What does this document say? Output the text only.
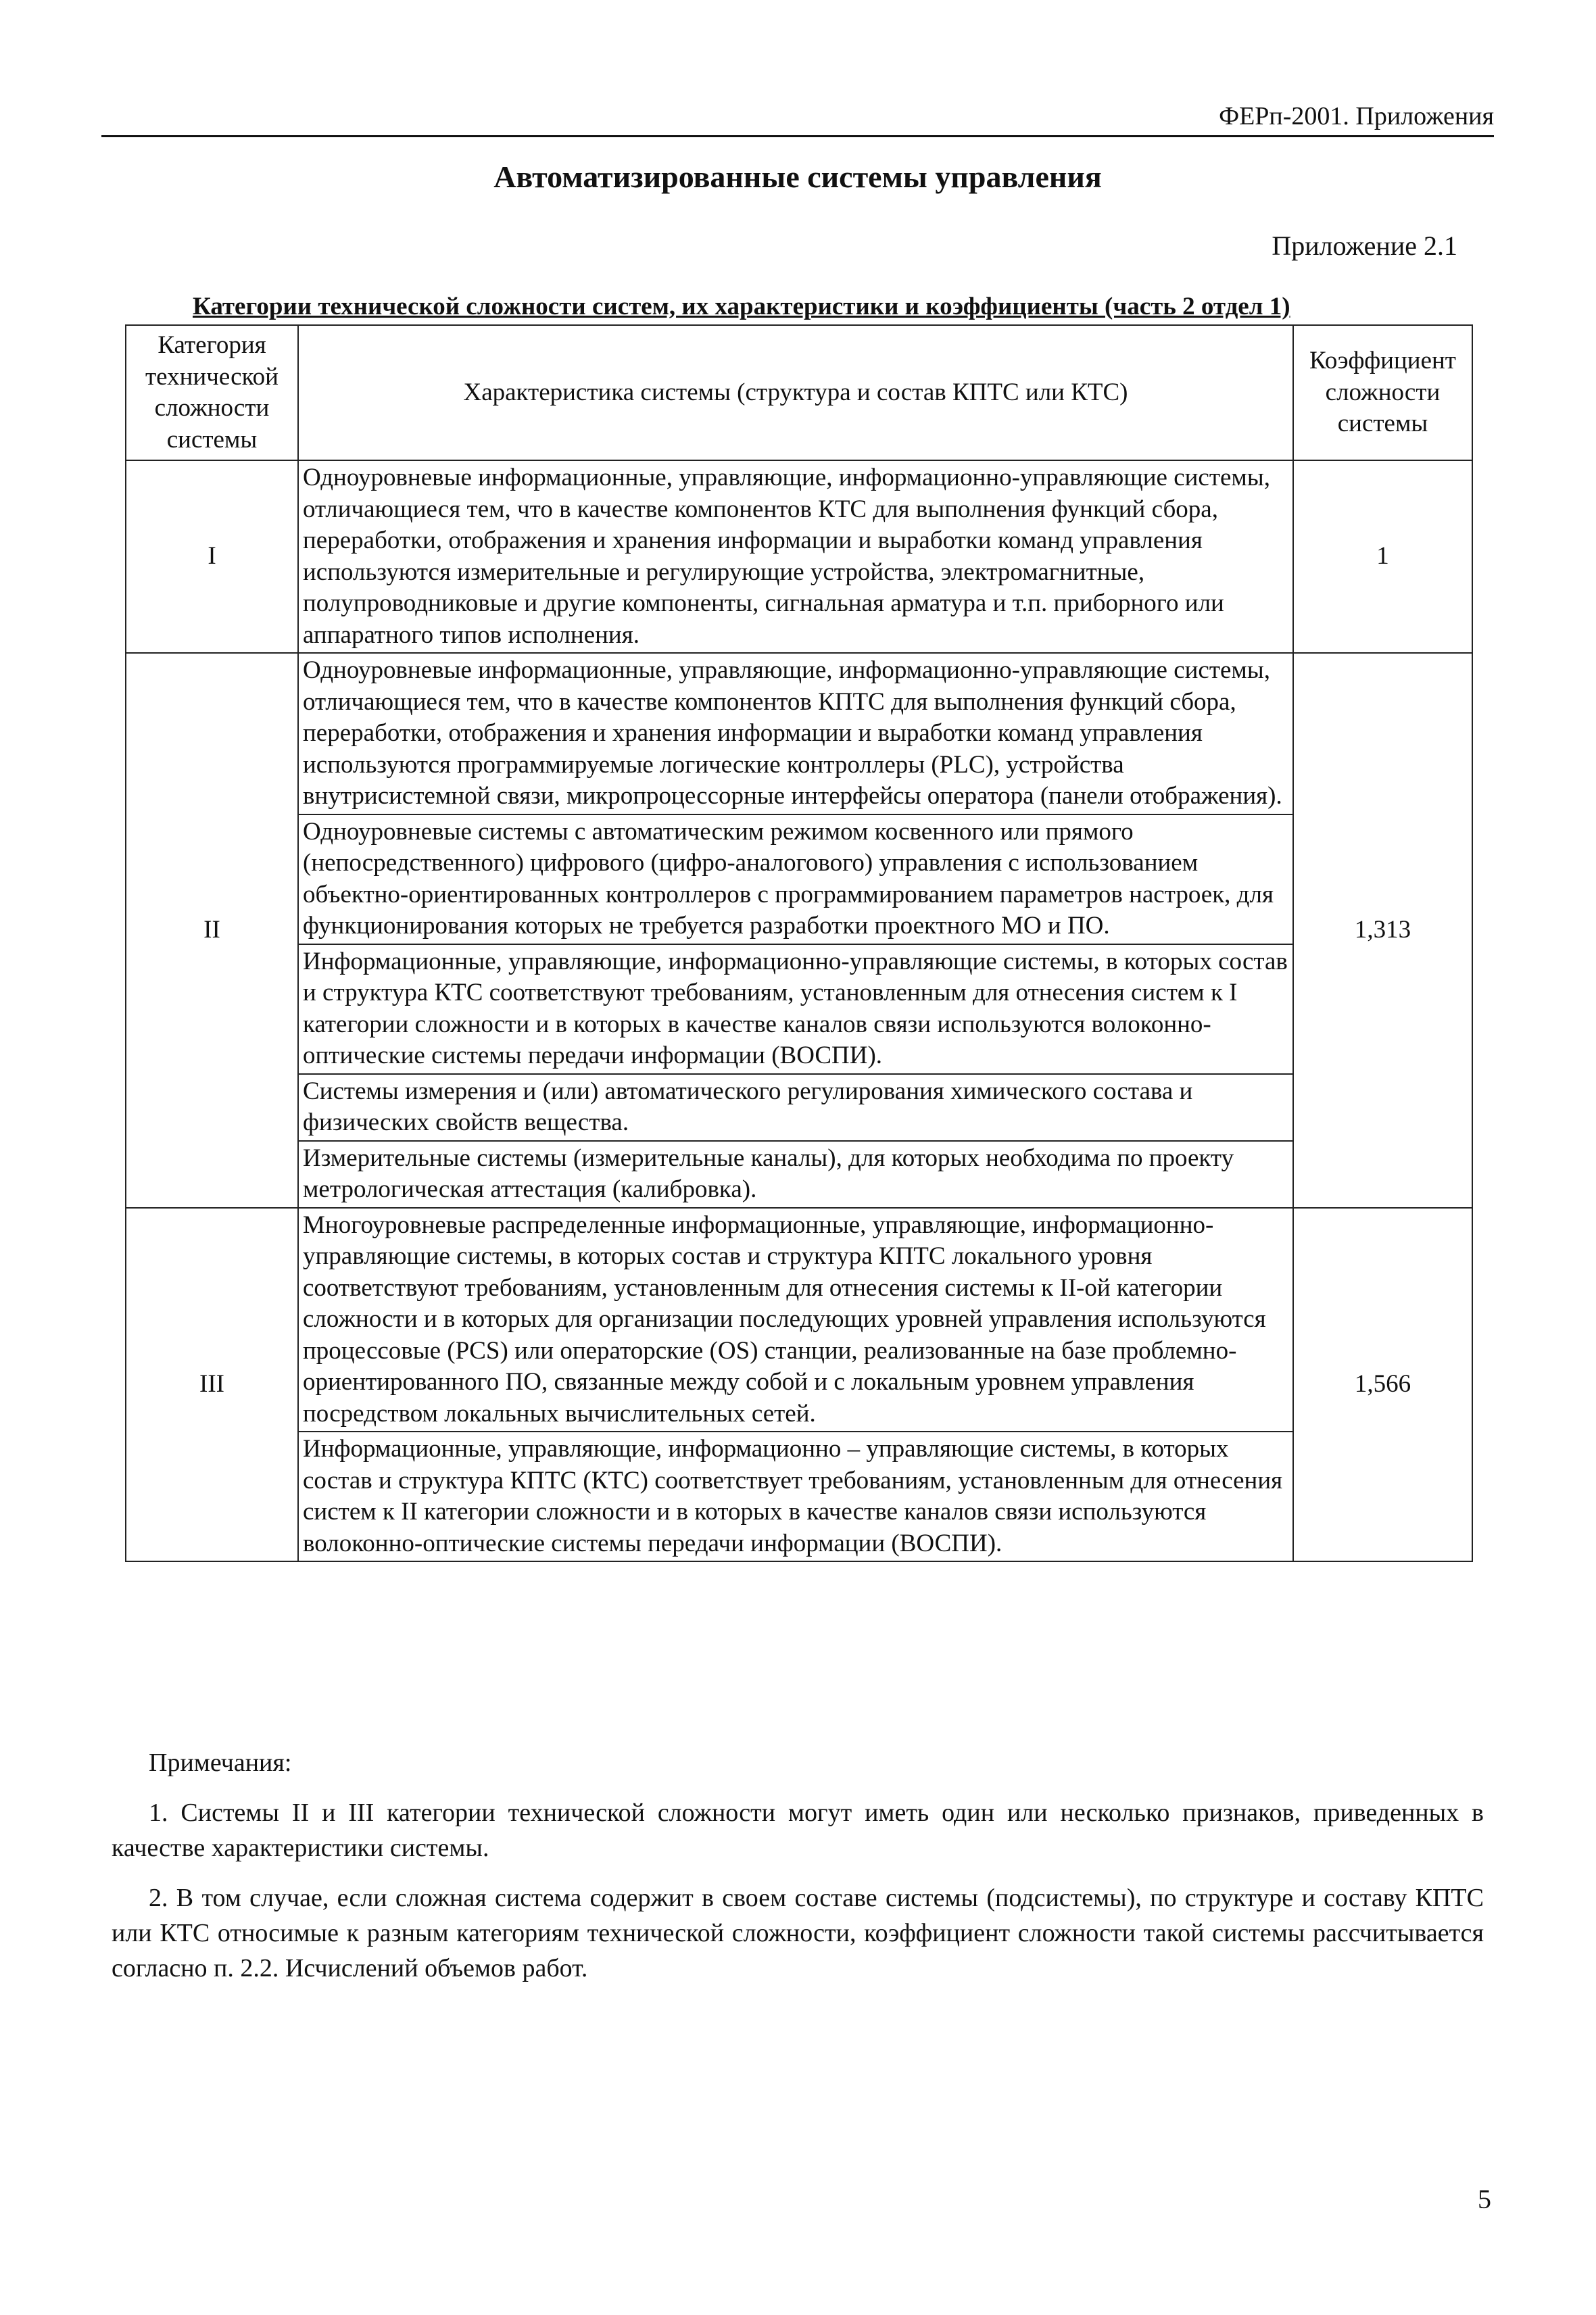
ФЕРп-2001. Приложения
Автоматизированные системы управления
Приложение 2.1
Категории технической сложности систем, их характеристики и коэффициенты (часть 2 отдел 1)
Категория технической сложности системы	Характеристика системы (структура и состав КПТС или КТС)	Коэффициент сложности системы
I	Одноуровневые информационные, управляющие, информационно-управляющие системы, отличающиеся тем, что в качестве компонентов КТС для выполнения функций сбора, переработки, отображения и хранения информации и выработки команд управления используются измерительные и регулирующие устройства, электромагнитные, полупроводниковые и другие компоненты, сигнальная арматура и т.п. приборного или аппаратного типов исполнения.	1
II	Одноуровневые информационные, управляющие, информационно-управляющие системы, отличающиеся тем, что в качестве компонентов КПТС для выполнения функций сбора, переработки, отображения и хранения информации и выработки команд управления используются программируемые логические контроллеры (PLC), устройства внутрисистемной связи, микропроцессорные интерфейсы оператора (панели отображения).	1,313
	Одноуровневые системы с автоматическим режимом косвенного или прямого (непосредственного) цифрового (цифро-аналогового) управления с использованием объектно-ориентированных контроллеров с программированием параметров настроек, для функционирования которых не требуется разработки проектного МО и ПО.	
	Информационные, управляющие, информационно-управляющие системы, в которых состав и структура КТС соответствуют требованиям, установленным для отнесения систем к I категории сложности и в которых в качестве каналов связи используются волоконно-оптические системы передачи информации (ВОСПИ).	
	Системы измерения и (или) автоматического регулирования химического состава и физических свойств вещества.	
	Измерительные системы (измерительные каналы), для которых необходима по проекту метрологическая аттестация (калибровка).	
III	Многоуровневые распределенные информационные, управляющие, информационно-управляющие системы, в которых состав и структура КПТС локального уровня соответствуют требованиям, установленным для отнесения системы к II-ой категории сложности и в которых для организации последующих уровней управления используются процессовые (PCS) или операторские (OS) станции, реализованные на базе проблемно-ориентированного ПО, связанные между собой и с локальным уровнем управления посредством локальных вычислительных сетей.	1,566
	Информационные, управляющие, информационно – управляющие системы, в которых состав и структура КПТС (КТС) соответствует требованиям, установленным для отнесения систем к II категории сложности и в которых в качестве каналов связи используются волоконно-оптические системы передачи информации (ВОСПИ).	
Примечания:

1. Системы II и III категории технической сложности могут иметь один или несколько признаков, приведенных в качестве характеристики системы.

2. В том случае, если сложная система содержит в своем составе системы (подсистемы), по структуре и составу КПТС или КТС относимые к разным категориям технической сложности, коэффициент сложности такой системы рассчитывается согласно п. 2.2. Исчислений объемов работ.

5
